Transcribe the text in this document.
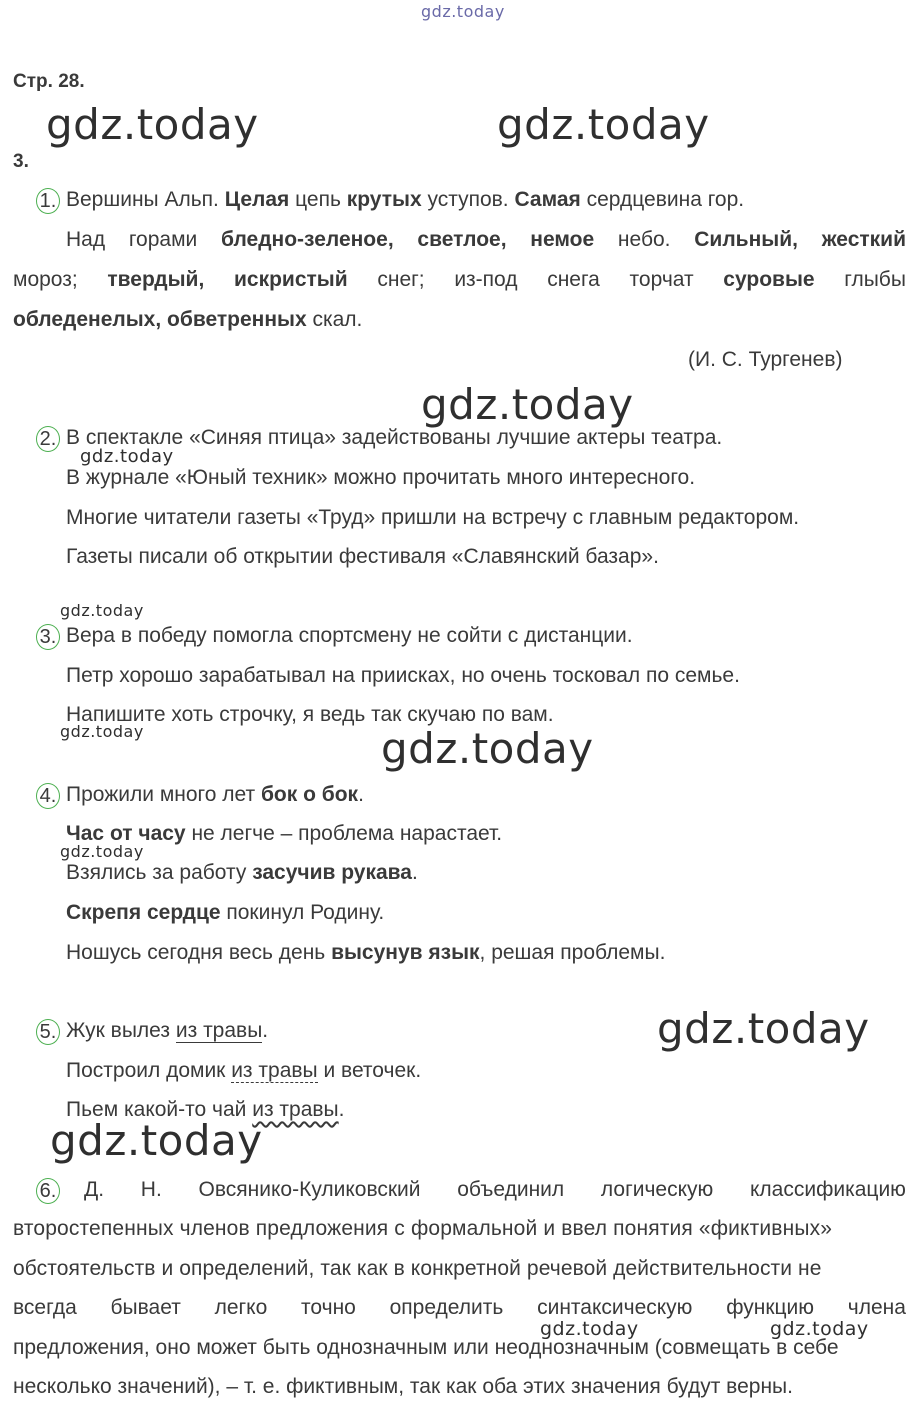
gdz.today
gdz.today	gdz.today
gdz.today
gdz.today
gdz.today
gdz.today	gdz.today
gdz.today
gdz.today
gdz.today
gdz.today	gdz.today
Стр. 28.
3.
1. Вершины Альп. Целая цепь крутых уступов. Самая сердцевина гор.
Над горами бледно-зеленое, светлое, немое небо. Сильный, жесткий
мороз; твердый, искристый снег; из-под снега торчат суровые глыбы
обледенелых, обветренных скал.
(И. С. Тургенев)
2. В спектакле «Синяя птица» задействованы лучшие актеры театра.
В журнале «Юный техник» можно прочитать много интересного.
Многие читатели газеты «Труд» пришли на встречу с главным редактором.
Газеты писали об открытии фестиваля «Славянский базар».
3. Вера в победу помогла спортсмену не сойти с дистанции.
Петр хорошо зарабатывал на приисках, но очень тосковал по семье.
Напишите хоть строчку, я ведь так скучаю по вам.
4. Прожили много лет бок о бок.
Час от часу не легче – проблема нарастает.
Взялись за работу засучив рукава.
Скрепя сердце покинул Родину.
Ношусь сегодня весь день высунув язык, решая проблемы.
5. Жук вылез из травы.
Построил домик из травы и веточек.
Пьем какой-то чай из травы.
6. Д. Н. Овсянико-Куликовский объединил логическую классификацию
второстепенных членов предложения с формальной и ввел понятия «фиктивных»
обстоятельств и определений, так как в конкретной речевой действительности не
всегда бывает легко точно определить синтаксическую функцию члена
предложения, оно может быть однозначным или неоднозначным (совмещать в себе
несколько значений), – т. е. фиктивным, так как оба этих значения будут верны.
